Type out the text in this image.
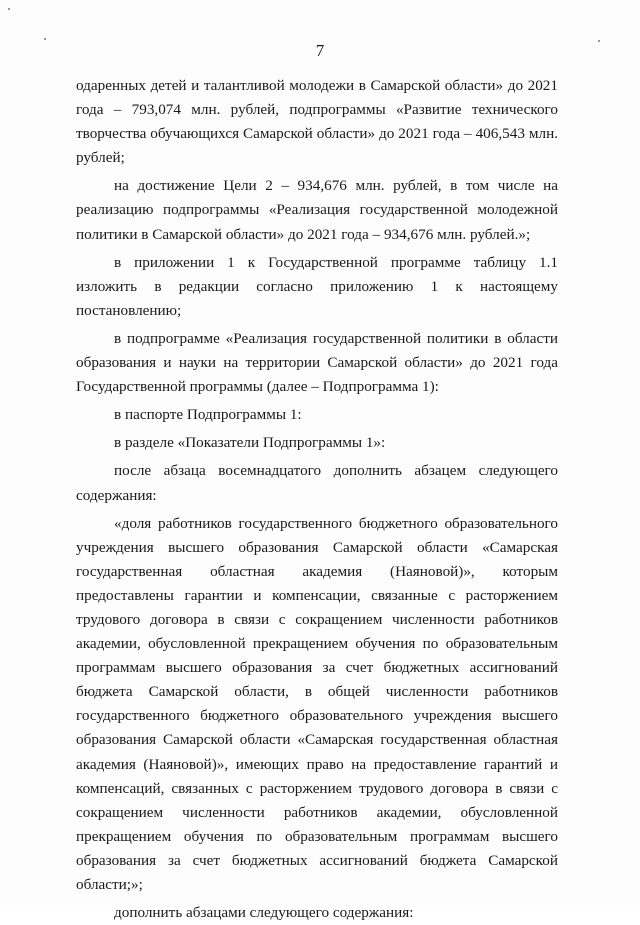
7

одаренных детей и талантливой молодежи в Самарской области» до 2021 года – 793,074 млн. рублей, подпрограммы «Развитие технического творчества обучающихся Самарской области» до 2021 года – 406,543 млн. рублей;

на достижение Цели 2 – 934,676 млн. рублей, в том числе на реализацию подпрограммы «Реализация государственной молодежной политики в Самарской области» до 2021 года – 934,676 млн. рублей.»;

в приложении 1 к Государственной программе таблицу 1.1 изложить в редакции согласно приложению 1 к настоящему постановлению;

в подпрограмме «Реализация государственной политики в области образования и науки на территории Самарской области» до 2021 года Государственной программы (далее – Подпрограмма 1):

в паспорте Подпрограммы 1:

в разделе «Показатели Подпрограммы 1»:

после абзаца восемнадцатого дополнить абзацем следующего содержания:

«доля работников государственного бюджетного образовательного учреждения высшего образования Самарской области «Самарская государственная областная академия (Наяновой)», которым предоставлены гарантии и компенсации, связанные с расторжением трудового договора в связи с сокращением численности работников академии, обусловленной прекращением обучения по образовательным программам высшего образования за счет бюджетных ассигнований бюджета Самарской области, в общей численности работников государственного бюджетного образовательного учреждения высшего образования Самарской области «Самарская государственная областная академия (Наяновой)», имеющих право на предоставление гарантий и компенсаций, связанных с расторжением трудового договора в связи с сокращением численности работников академии, обусловленной прекращением обучения по образовательным программам высшего образования за счет бюджетных ассигнований бюджета Самарской области;»;

дополнить абзацами следующего содержания:
